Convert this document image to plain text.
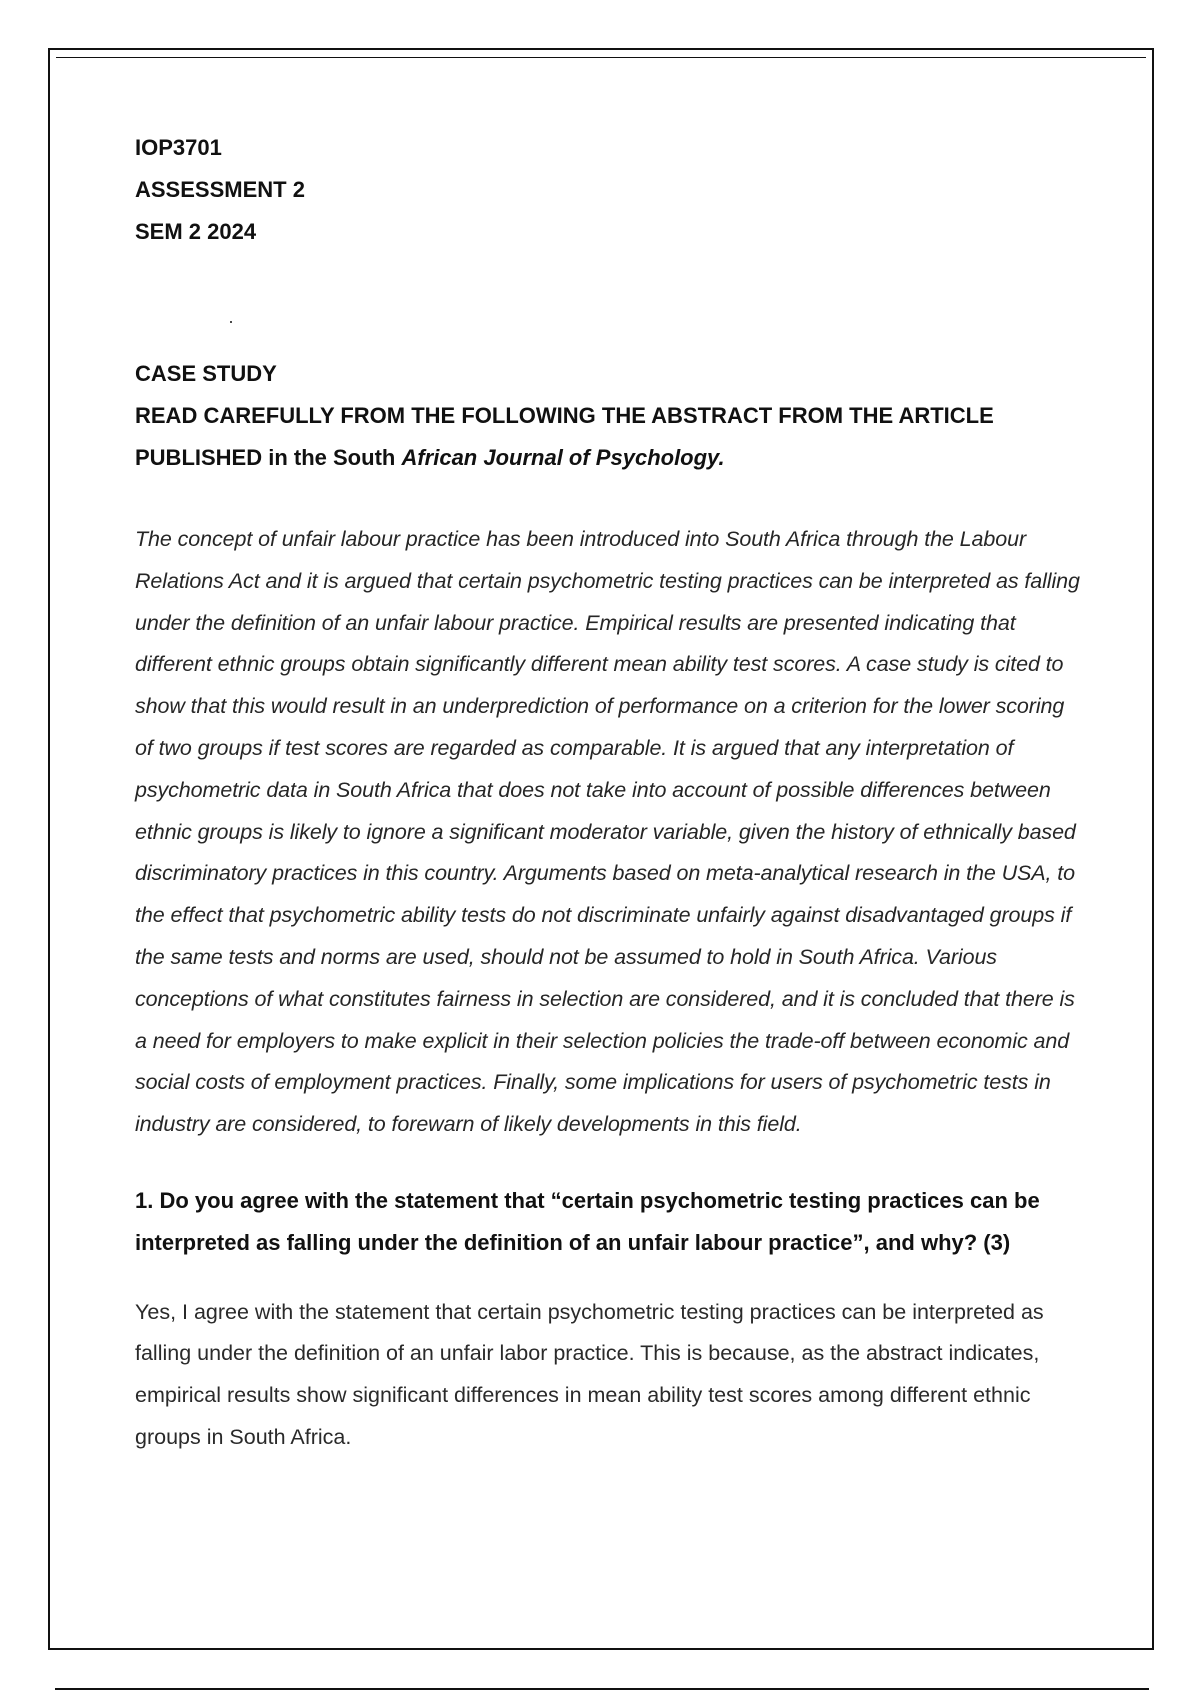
IOP3701

ASSESSMENT 2

SEM 2 2024

CASE STUDY

READ CAREFULLY FROM THE FOLLOWING THE ABSTRACT FROM THE ARTICLE PUBLISHED in the South African Journal of Psychology.

The concept of unfair labour practice has been introduced into South Africa through the Labour Relations Act and it is argued that certain psychometric testing practices can be interpreted as falling under the definition of an unfair labour practice. Empirical results are presented indicating that different ethnic groups obtain significantly different mean ability test scores. A case study is cited to show that this would result in an underprediction of performance on a criterion for the lower scoring of two groups if test scores are regarded as comparable. It is argued that any interpretation of psychometric data in South Africa that does not take into account of possible differences between ethnic groups is likely to ignore a significant moderator variable, given the history of ethnically based discriminatory practices in this country. Arguments based on meta-analytical research in the USA, to the effect that psychometric ability tests do not discriminate unfairly against disadvantaged groups if the same tests and norms are used, should not be assumed to hold in South Africa. Various conceptions of what constitutes fairness in selection are considered, and it is concluded that there is a need for employers to make explicit in their selection policies the trade-off between economic and social costs of employment practices. Finally, some implications for users of psychometric tests in industry are considered, to forewarn of likely developments in this field.

1. Do you agree with the statement that “certain psychometric testing practices can be interpreted as falling under the definition of an unfair labour practice”, and why? (3)

Yes, I agree with the statement that certain psychometric testing practices can be interpreted as falling under the definition of an unfair labor practice. This is because, as the abstract indicates, empirical results show significant differences in mean ability test scores among different ethnic groups in South Africa.
